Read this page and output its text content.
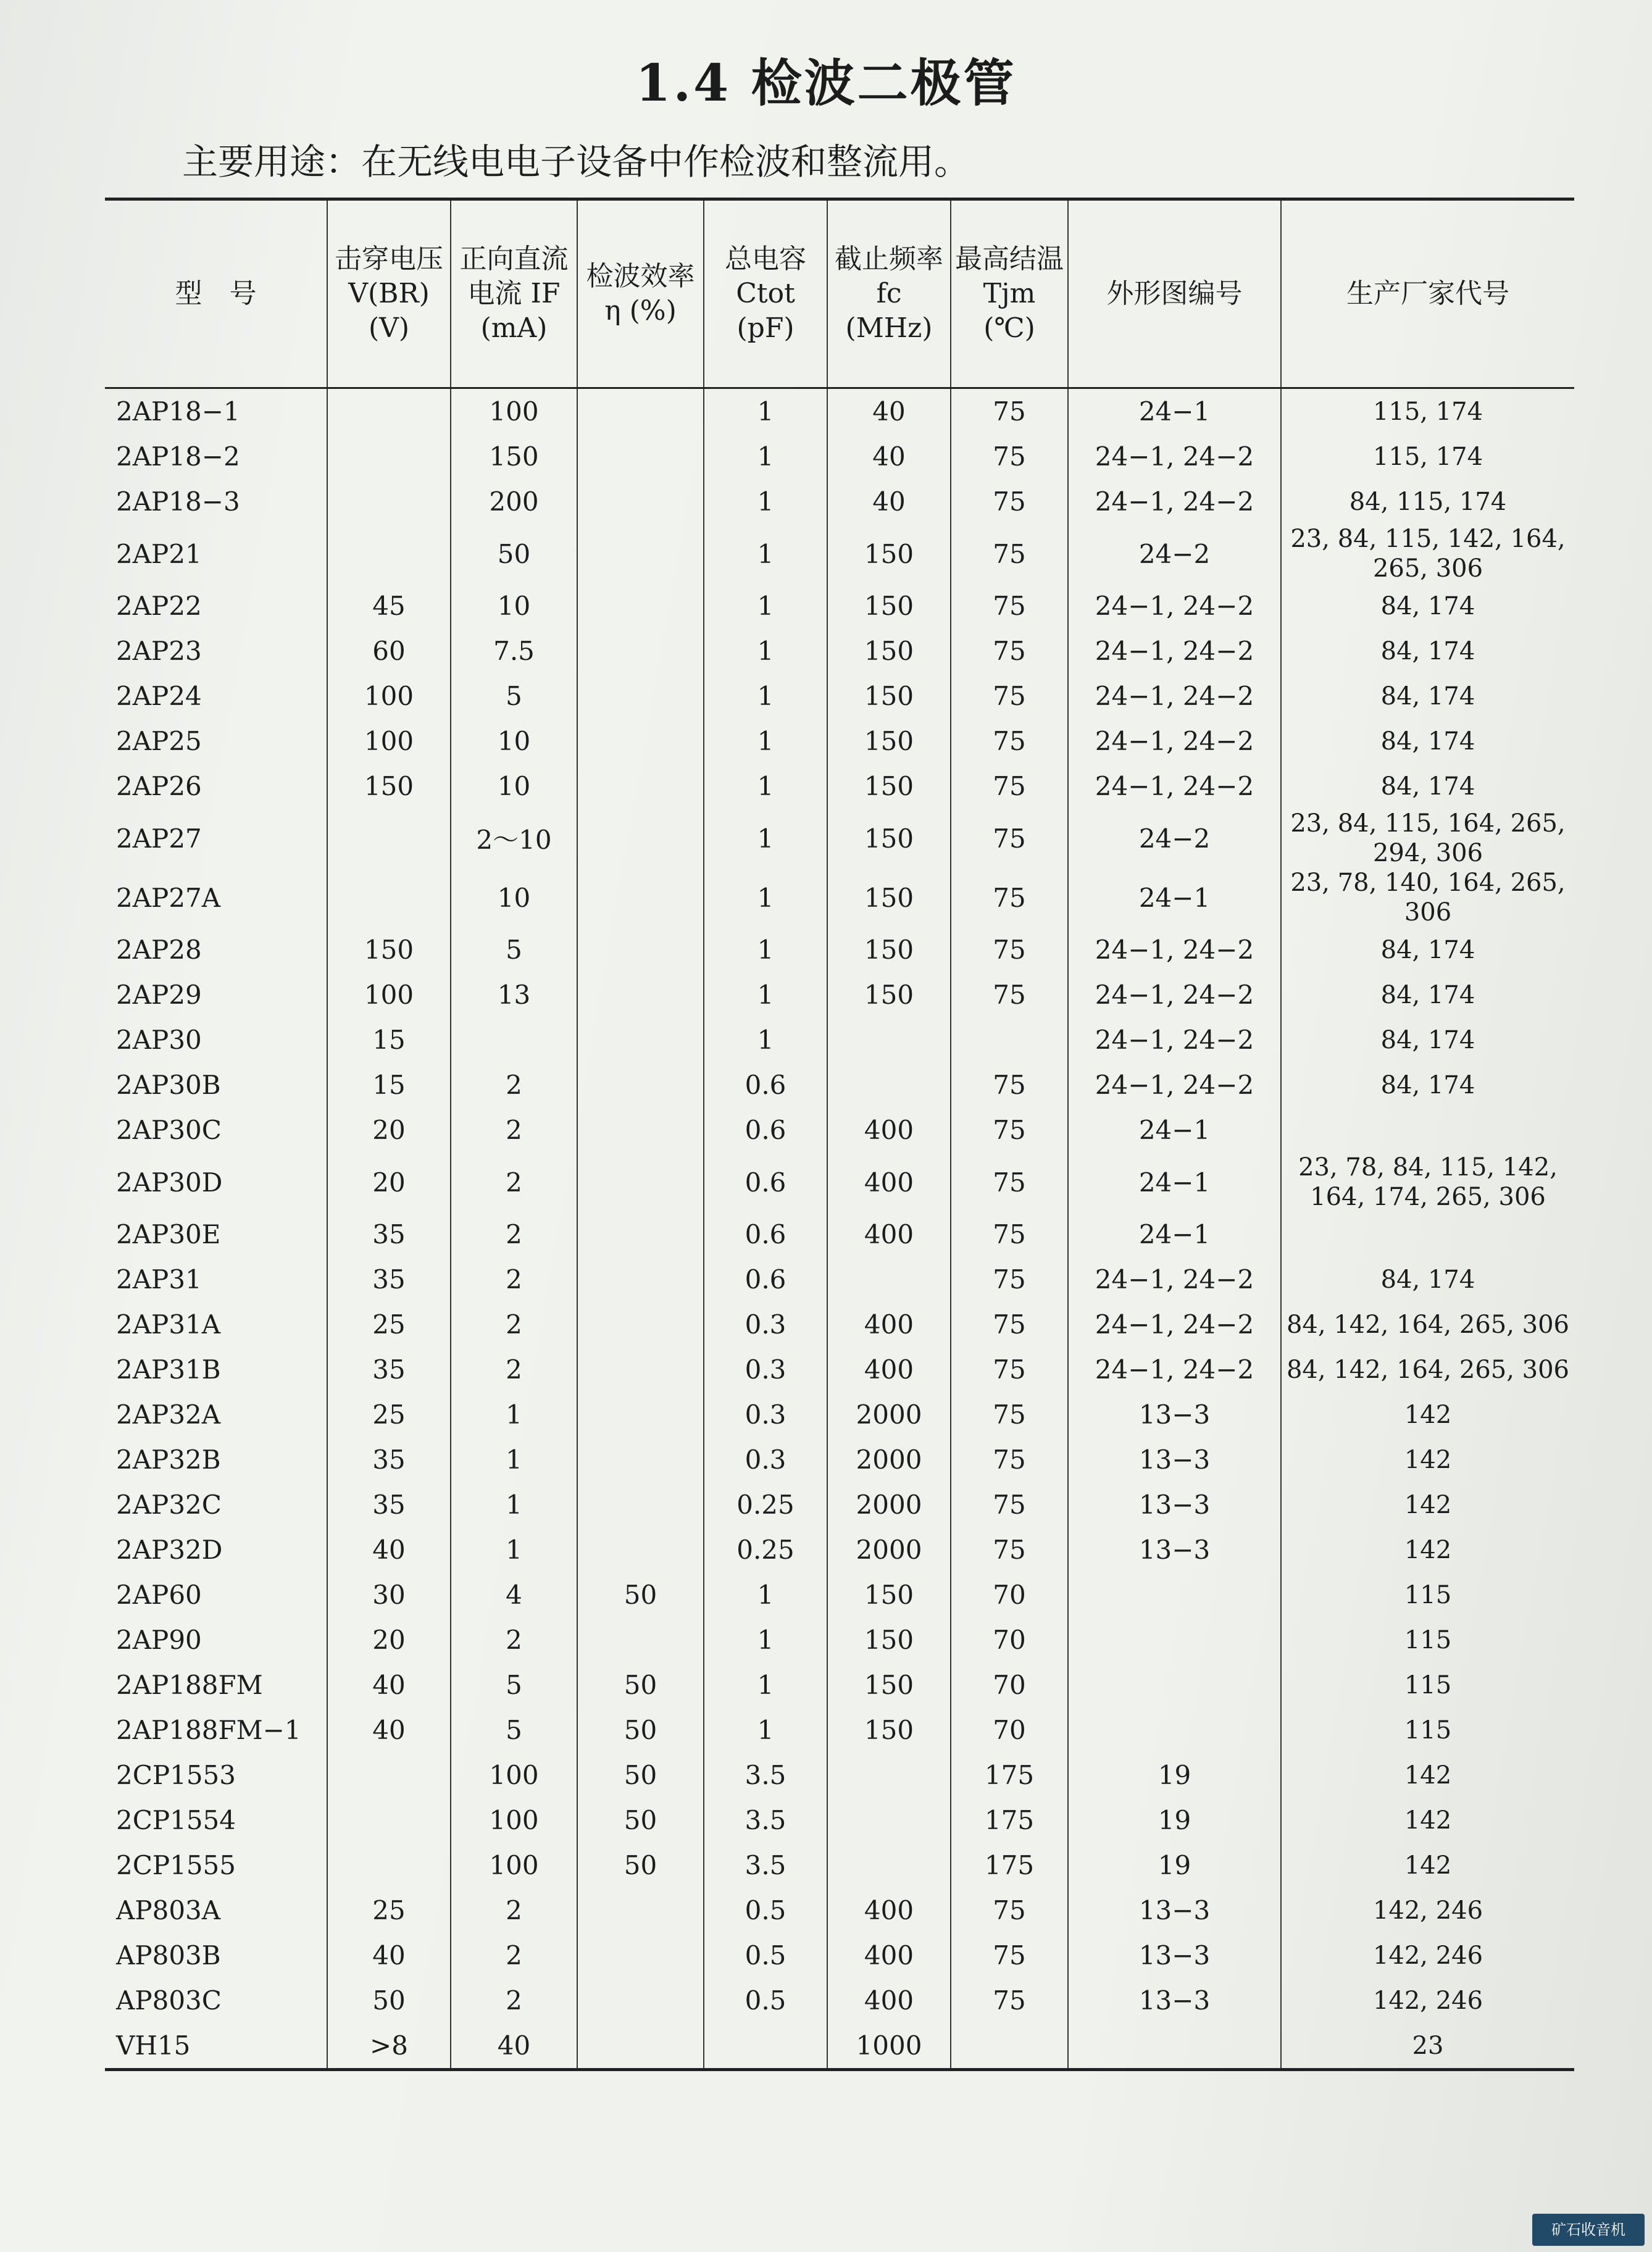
1.4 检波二极管
主要用途：在无线电电子设备中作检波和整流用。
型　号	击穿电压 V(BR) (V)	正向直流电流 IF (mA)	检波效率 η (%)	总电容 Ctot (pF)	截止频率 fc (MHz)	最高结温 Tjm (℃)	外形图编号	生产厂家代号
2AP18−1		100		1	40	75	24−1	115, 174
2AP18−2		150		1	40	75	24−1, 24−2	115, 174
2AP18−3		200		1	40	75	24−1, 24−2	84, 115, 174
2AP21		50		1	150	75	24−2	23, 84, 115, 142, 164, 265, 306
2AP22	45	10		1	150	75	24−1, 24−2	84, 174
2AP23	60	7.5		1	150	75	24−1, 24−2	84, 174
2AP24	100	5		1	150	75	24−1, 24−2	84, 174
2AP25	100	10		1	150	75	24−1, 24−2	84, 174
2AP26	150	10		1	150	75	24−1, 24−2	84, 174
2AP27		2～10		1	150	75	24−2	23, 84, 115, 164, 265, 294, 306
2AP27A		10		1	150	75	24−1	23, 78, 140, 164, 265, 306
2AP28	150	5		1	150	75	24−1, 24−2	84, 174
2AP29	100	13		1	150	75	24−1, 24−2	84, 174
2AP30	15			1			24−1, 24−2	84, 174
2AP30B	15	2		0.6		75	24−1, 24−2	84, 174
2AP30C	20	2		0.6	400	75	24−1	
2AP30D	20	2		0.6	400	75	24−1	23, 78, 84, 115, 142, 164, 174, 265, 306
2AP30E	35	2		0.6	400	75	24−1	
2AP31	35	2		0.6		75	24−1, 24−2	84, 174
2AP31A	25	2		0.3	400	75	24−1, 24−2	84, 142, 164, 265, 306
2AP31B	35	2		0.3	400	75	24−1, 24−2	84, 142, 164, 265, 306
2AP32A	25	1		0.3	2000	75	13−3	142
2AP32B	35	1		0.3	2000	75	13−3	142
2AP32C	35	1		0.25	2000	75	13−3	142
2AP32D	40	1		0.25	2000	75	13−3	142
2AP60	30	4	50	1	150	70		115
2AP90	20	2		1	150	70		115
2AP188FM	40	5	50	1	150	70		115
2AP188FM−1	40	5	50	1	150	70		115
2CP1553		100	50	3.5		175	19	142
2CP1554		100	50	3.5		175	19	142
2CP1555		100	50	3.5		175	19	142
AP803A	25	2		0.5	400	75	13−3	142, 246
AP803B	40	2		0.5	400	75	13−3	142, 246
AP803C	50	2		0.5	400	75	13−3	142, 246
VH15	>8	40			1000			23
矿石收音机
